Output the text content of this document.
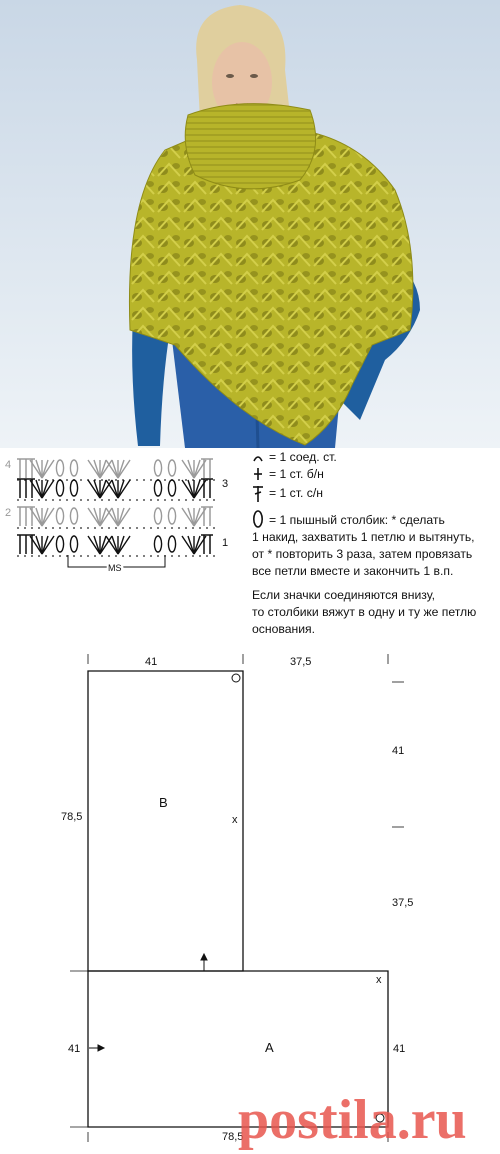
4
3
2
1
MS
= 1 соед. ст.
= 1 ст. б/н
= 1 ст. с/н
= 1 пышный столбик: * сделать
1 накид, захватить 1 петлю и вытянуть,
от * повторить 3 раза, затем провязать
все петли вместе и закончить 1 в.п.
Если значки соединяются внизу,
то столбики вяжут в одну и ту же петлю
основания.
41	37,5
78,5
41
37,5
41	41
78,5
B
A
x
x
postila.ru
